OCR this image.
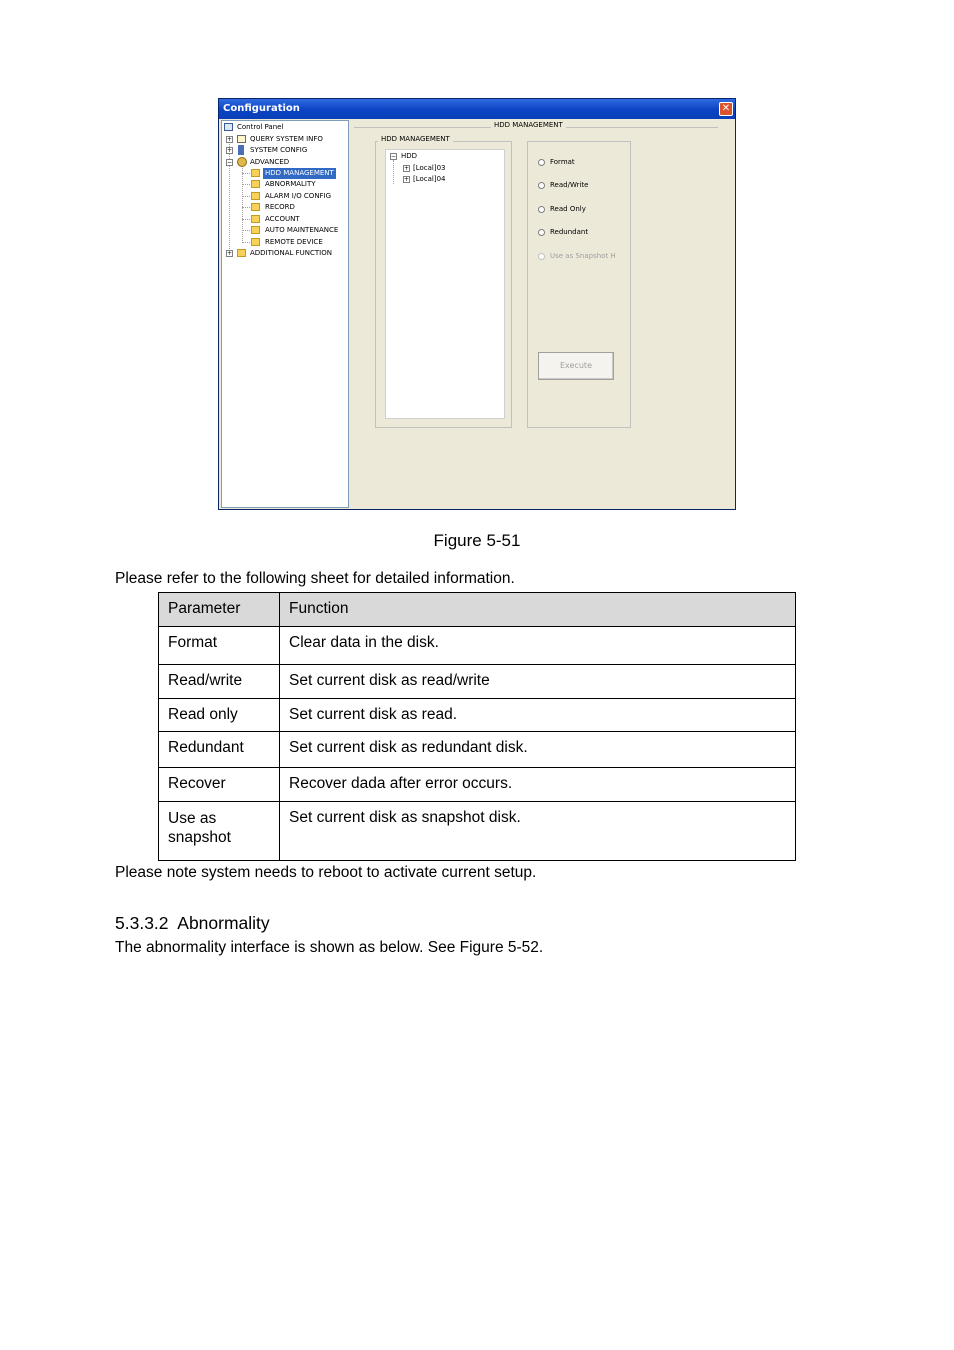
Configuration	✕
Control Panel
+	QUERY SYSTEM INFO
+	SYSTEM CONFIG
−	ADVANCED
HDD MANAGEMENT
ABNORMALITY
ALARM I/O CONFIG
RECORD
ACCOUNT
AUTO MAINTENANCE
REMOTE DEVICE
+	ADDITIONAL FUNCTION
HDD MANAGEMENT
HDD MANAGEMENT
− HDD
+ [Local]03
+ [Local]04
Format
Read/Write
Read Only
Redundant
Use as Snapshot H
Execute
Figure 5-51
Please refer to the following sheet for detailed information.
Parameter	Function
Format	Clear data in the disk.
Read/write	Set current disk as read/write
Read only	Set current disk as read.
Redundant	Set current disk as redundant disk.
Recover	Recover dada after error occurs.

Use as snapshot	Set current disk as snapshot disk.
Please note system needs to reboot to activate current setup.
5.3.3.2  Abnormality
The abnormality interface is shown as below. See Figure 5-52.
